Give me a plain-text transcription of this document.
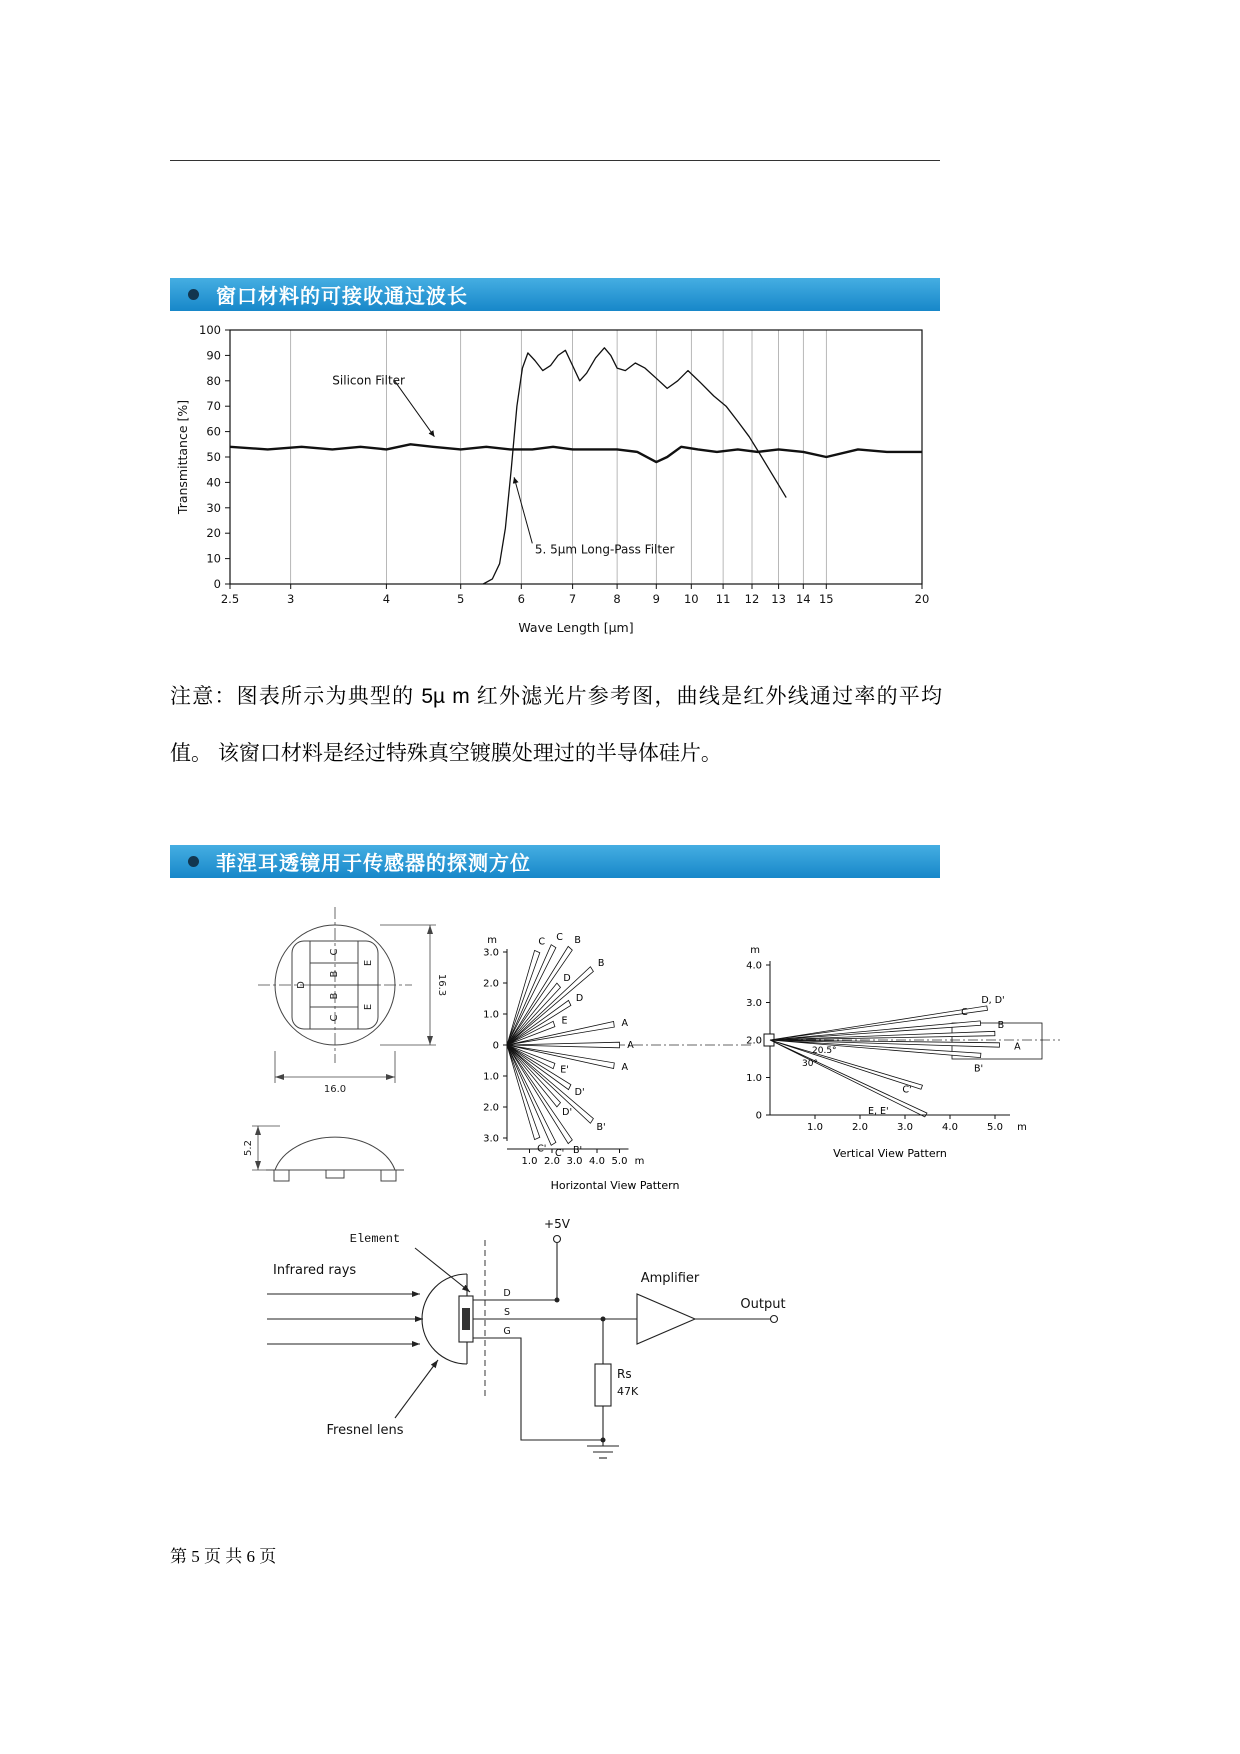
窗口材料的可接收通过波长
2.5	3	4	5	6	7	8	9 10 11 12 13 14 15	20
0
10
20
30
40
50
60
70
80
90
100
Wave Length [µm]
Transmittance [%]
Silicon Filter
5. 5µm Long-Pass Filter

注意：图表所示为典型的 5µ m 红外滤光片参考图，曲线是红外线通过率的平均值。 该窗口材料是经过特殊真空镀膜处理过的半导体硅片。

菲涅耳透镜用于传感器的探测方位
D
C
B
B
C
E
E
16.0
16.3
5.2
m
3.0
2.0
1.0
0
1.0
2.0
3.0
C C B
D
B
D
E	A
A
A
E'
D'
B'
D'
B'
C'
C'
1.0 2.0 3.0 4.0 5.0 m
Horizontal View Pattern
m
4.0
3.0
2.0
1.0
0
D, D'
C
B
A
B'
C'
E, E'
20.5°
30°
1.0	2.0	3.0	4.0	5.0 m
Vertical View Pattern
+5V
Infrared rays
Element
Fresnel lens
D
S
G
Rs
47K
Amplifier
Output
第 5 页 共 6 页
